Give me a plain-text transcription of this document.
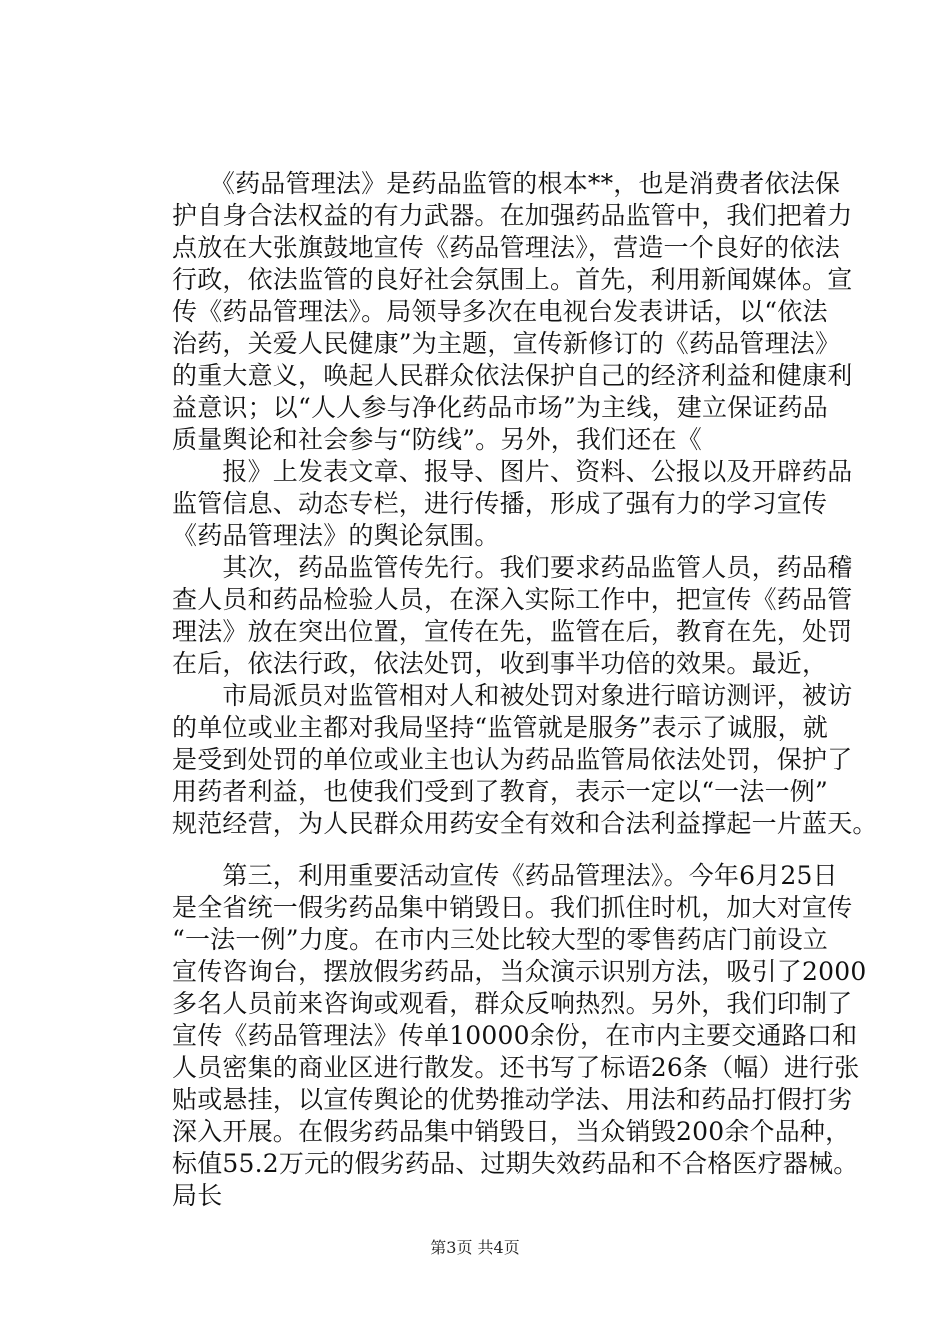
　　《药品管理法》是药品监管的根本**，也是消费者依法保
护自身合法权益的有力武器。在加强药品监管中，我们把着力
点放在大张旗鼓地宣传《药品管理法》，营造一个良好的依法
行政，依法监管的良好社会氛围上。首先，利用新闻媒体。宣
传《药品管理法》。局领导多次在电视台发表讲话，以“依法
治药，关爱人民健康”为主题，宣传新修订的《药品管理法》
的重大意义，唤起人民群众依法保护自己的经济利益和健康利
益意识；以“人人参与净化药品市场”为主线，建立保证药品
质量舆论和社会参与“防线”。另外，我们还在《
　　报》上发表文章、报导、图片、资料、公报以及开辟药品
监管信息、动态专栏，进行传播，形成了强有力的学习宣传
《药品管理法》的舆论氛围。
　　其次，药品监管传先行。我们要求药品监管人员，药品稽
查人员和药品检验人员，在深入实际工作中，把宣传《药品管
理法》放在突出位置，宣传在先，监管在后，教育在先，处罚
在后，依法行政，依法处罚，收到事半功倍的效果。最近，
　　市局派员对监管相对人和被处罚对象进行暗访测评，被访
的单位或业主都对我局坚持“监管就是服务”表示了诚服，就
是受到处罚的单位或业主也认为药品监管局依法处罚，保护了
用药者利益，也使我们受到了教育，表示一定以“一法一例”
规范经营，为人民群众用药安全有效和合法利益撑起一片蓝天。
　　第三，利用重要活动宣传《药品管理法》。今年6月25日
是全省统一假劣药品集中销毁日。我们抓住时机，加大对宣传
“一法一例”力度。在市内三处比较大型的零售药店门前设立
宣传咨询台，摆放假劣药品，当众演示识别方法，吸引了2000
多名人员前来咨询或观看，群众反响热烈。另外，我们印制了
宣传《药品管理法》传单10000余份，在市内主要交通路口和
人员密集的商业区进行散发。还书写了标语26条（幅）进行张
贴或悬挂，以宣传舆论的优势推动学法、用法和药品打假打劣
深入开展。在假劣药品集中销毁日，当众销毁200余个品种，
标值55.2万元的假劣药品、过期失效药品和不合格医疗器械。
局长
第3页 共4页
